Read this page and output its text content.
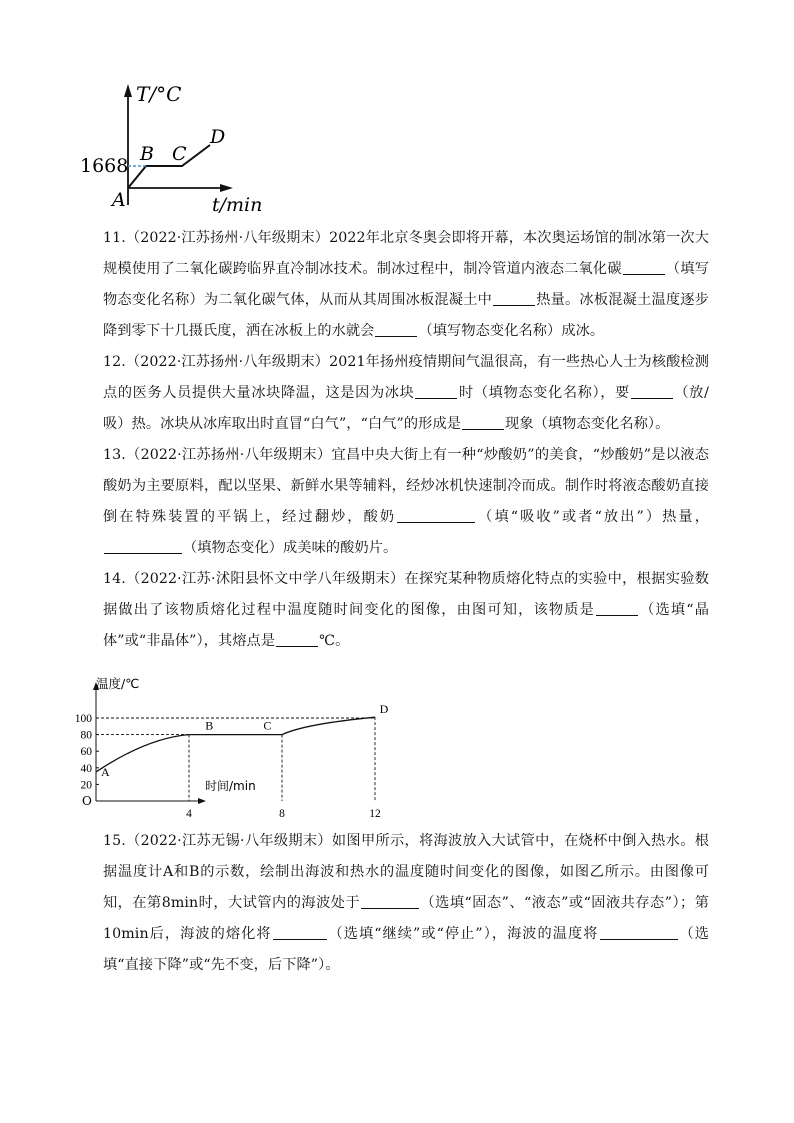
T/°C
t/min
1668
A
B C
D
11.（2022·江苏扬州·八年级期末）2022年北京冬奥会即将开幕，本次奥运场馆的制冰第一次大规模使用了二氧化碳跨临界直冷制冰技术。制冰过程中，制冷管道内液态二氧化碳	（填写物态变化名称）为二氧化碳气体，从而从其周围冰板混凝土中	热量。冰板混凝土温度逐步降到零下十几摄氏度，洒在冰板上的水就会	（填写物态变化名称）成冰。
12.（2022·江苏扬州·八年级期末）2021年扬州疫情期间气温很高，有一些热心人士为核酸检测点的医务人员提供大量冰块降温，这是因为冰块	时（填物态变化名称），要	（放/吸）热。冰块从冰库取出时直冒“白气”，“白气”的形成是	现象（填物态变化名称）。
13.（2022·江苏扬州·八年级期末）宜昌中央大街上有一种“炒酸奶”的美食，“炒酸奶”是以液态酸奶为主要原料，配以坚果、新鲜水果等辅料，经炒冰机快速制冷而成。制作时将液态酸奶直接倒在特殊装置的平锅上，经过翻炒，酸奶	（填“吸收”或者“放出”）热量，（填物态变化）成美味的酸奶片。
14.（2022·江苏·沭阳县怀文中学八年级期末）在探究某种物质熔化特点的实验中，根据实验数据做出了该物质熔化过程中温度随时间变化的图像，由图可知，该物质是	（选填“晶体”或“非晶体”），其熔点是	℃。
温度/℃
时间/min
O
100
80
60
40
20
4	8	12
A
B	C
D
15.（2022·江苏无锡·八年级期末）如图甲所示，将海波放入大试管中，在烧杯中倒入热水。根据温度计A和B的示数，绘制出海波和热水的温度随时间变化的图像，如图乙所示。由图像可知，在第8min时，大试管内的海波处于	（选填“固态”、“液态”或“固液共存态”）；第10min后，海波的熔化将	（选填“继续”或“停止”），海波的温度将	（选填“直接下降”或“先不变，后下降”）。
